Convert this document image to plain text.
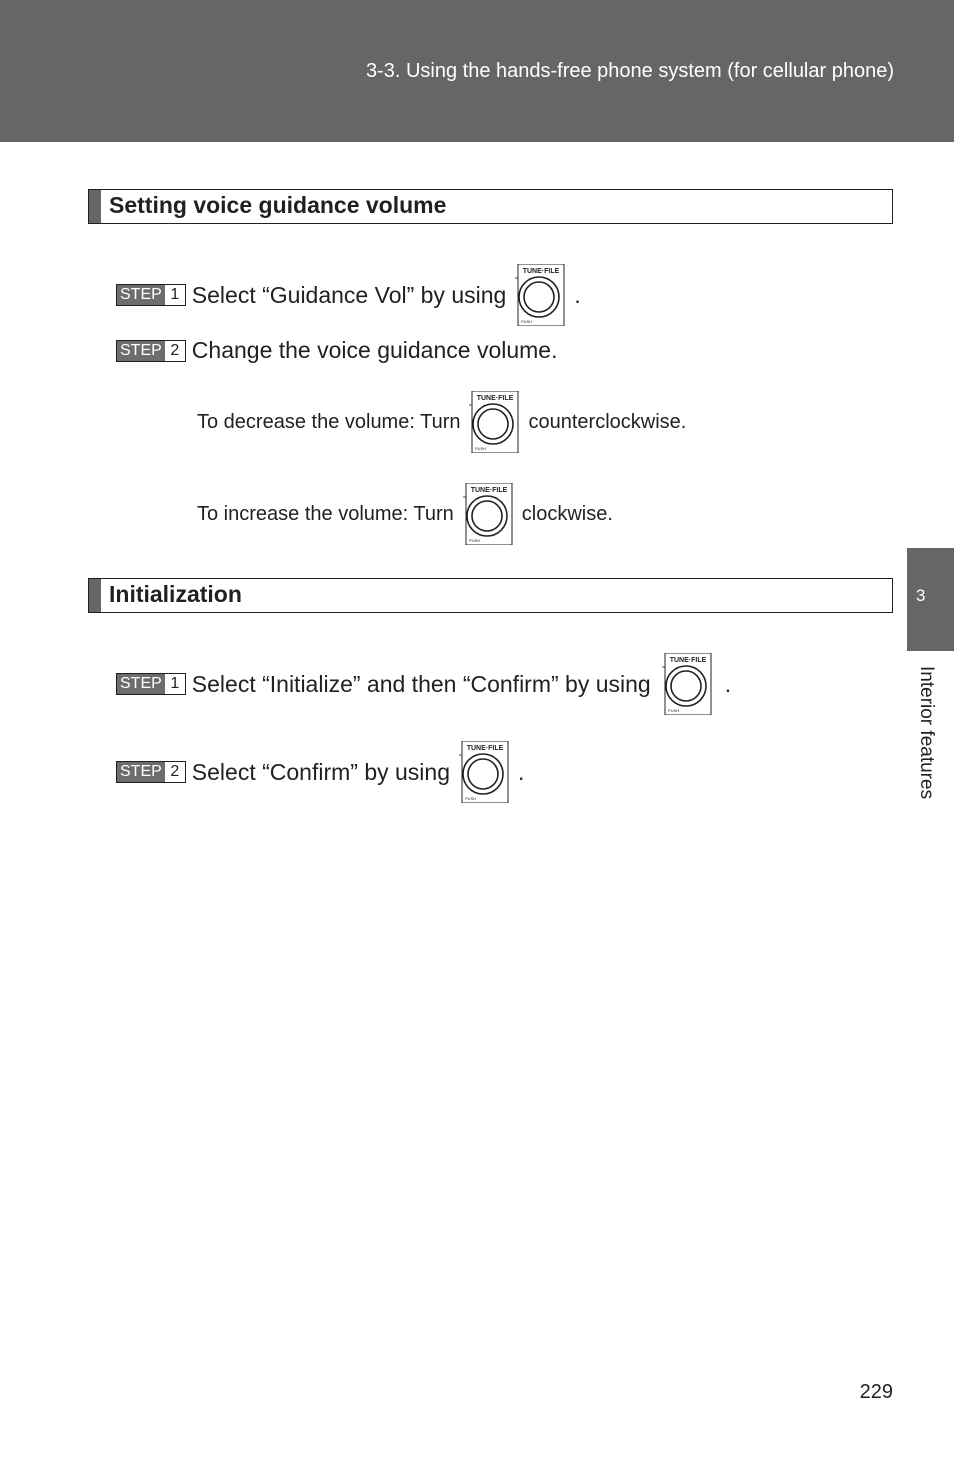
3-3. Using the hands-free phone system (for cellular phone)
Setting voice guidance volume
STEP 1 Select “Guidance Vol” by using	.
STEP 2 Change the voice guidance volume.
To decrease the volume: Turn	counterclockwise.
To increase the volume: Turn	clockwise.
Initialization
STEP 1 Select “Initialize” and then “Confirm” by using	.
STEP 2 Select “Confirm” by using	.
3
Interior features
229
